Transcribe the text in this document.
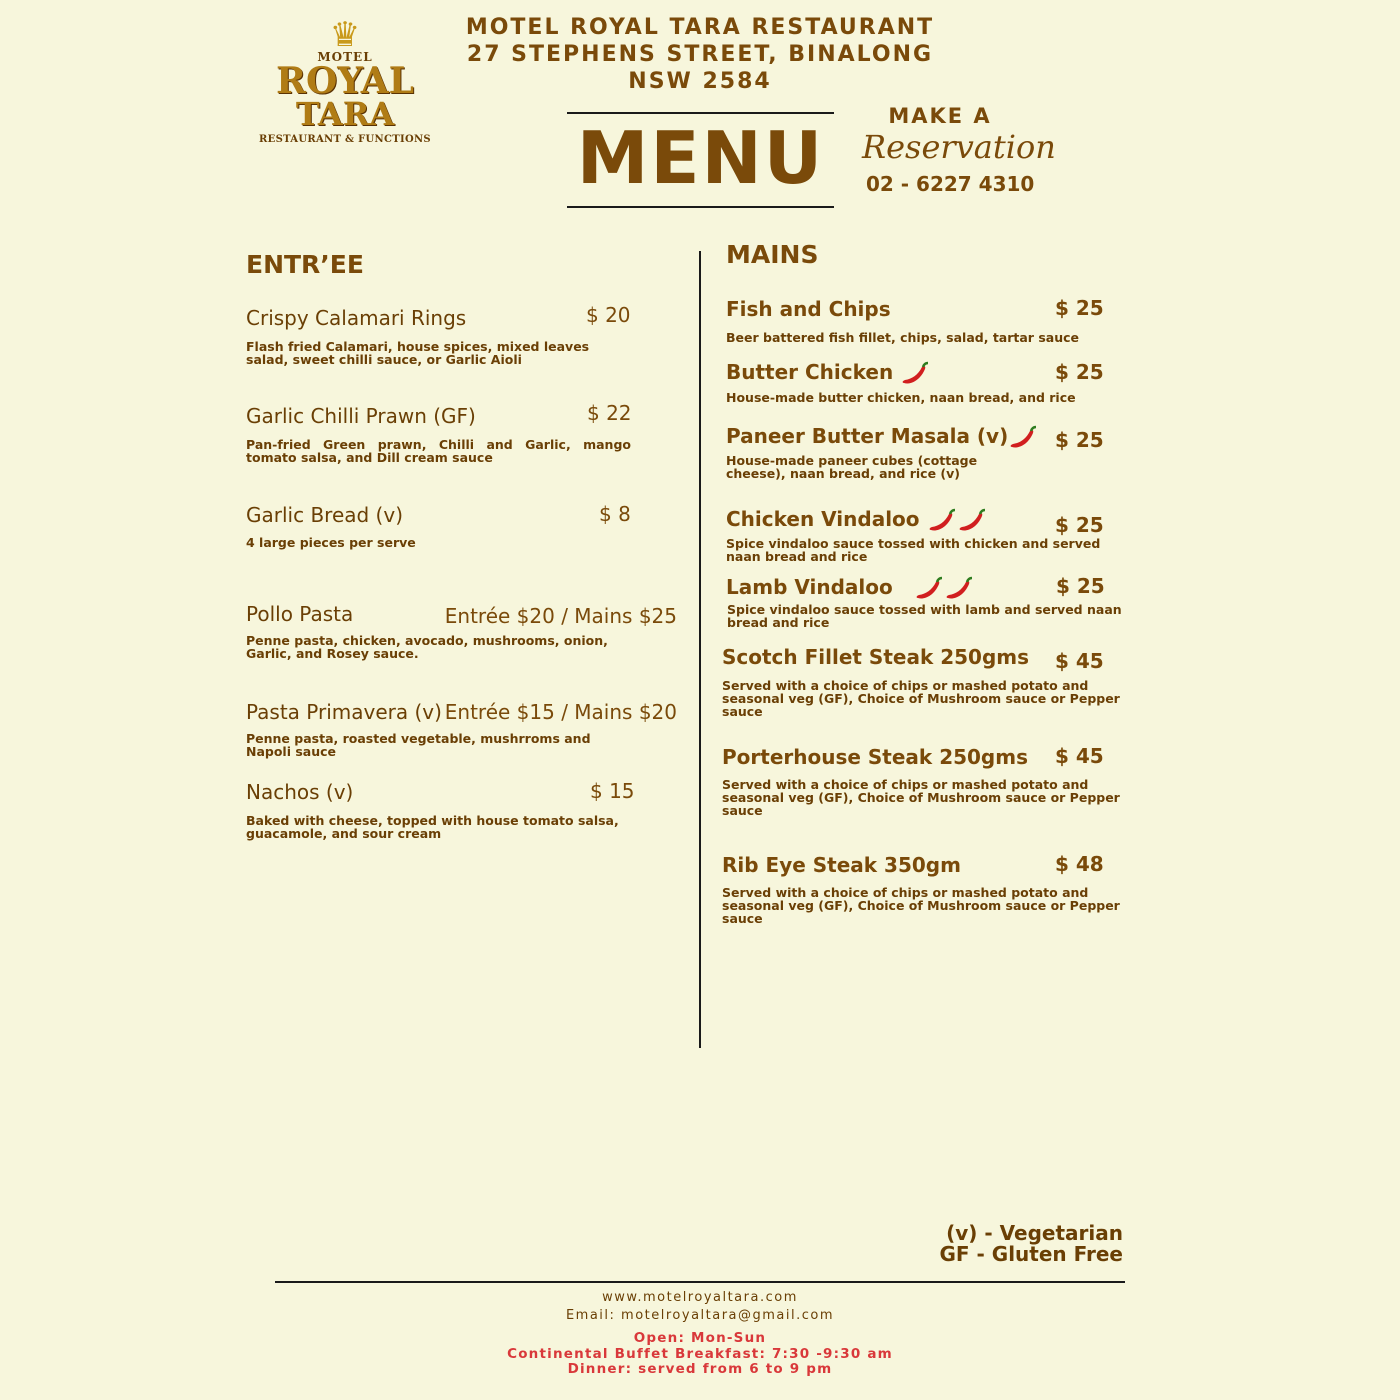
♛
MOTEL
ROYAL
TARA
RESTAURANT & FUNCTIONS
MOTEL ROYAL TARA RESTAURANT
27 STEPHENS STREET, BINALONG
NSW 2584
MENU	MAKE A
Reservation
02 - 6227 4310
ENTR’EE
Crispy Calamari Rings	$ 20
Flash fried Calamari, house spices, mixed leaves salad, sweet chilli sauce, or Garlic Aioli
Garlic Chilli Prawn (GF)	$ 22
Pan-fried Green prawn, Chilli and Garlic, mango tomato salsa, and Dill cream sauce
Garlic Bread (v)	$ 8
4 large pieces per serve
Pollo Pasta	Entrée $20 / Mains $25
Penne pasta, chicken, avocado, mushrooms, onion, Garlic, and Rosey sauce.
Pasta Primavera (v) Entrée $15 / Mains $20
Penne pasta, roasted vegetable, mushrroms and Napoli sauce
Nachos (v)	$ 15
Baked with cheese, topped with house tomato salsa, guacamole, and sour cream
MAINS
Fish and Chips	$ 25
Beer battered fish fillet, chips, salad, tartar sauce
Butter Chicken	$ 25
House-made butter chicken, naan bread, and rice
Paneer Butter Masala (v)	$ 25
House-made paneer cubes (cottage cheese), naan bread, and rice (v)
Chicken Vindaloo	$ 25
Spice vindaloo sauce tossed with chicken and served naan bread and rice
Lamb Vindaloo	$ 25
Spice vindaloo sauce tossed with lamb and served naan bread and rice
Scotch Fillet Steak 250gms $ 45
Served with a choice of chips or mashed potato and seasonal veg (GF), Choice of Mushroom sauce or Pepper sauce
Porterhouse Steak 250gms $ 45
Served with a choice of chips or mashed potato and seasonal veg (GF), Choice of Mushroom sauce or Pepper sauce
Rib Eye Steak 350gm	$ 48
Served with a choice of chips or mashed potato and seasonal veg (GF), Choice of Mushroom sauce or Pepper sauce
(v) - Vegetarian
GF - Gluten Free
www.motelroyaltara.com
Email: motelroyaltara@gmail.com
Open: Mon-Sun
Continental Buffet Breakfast: 7:30 -9:30 am
Dinner: served from 6 to 9 pm
